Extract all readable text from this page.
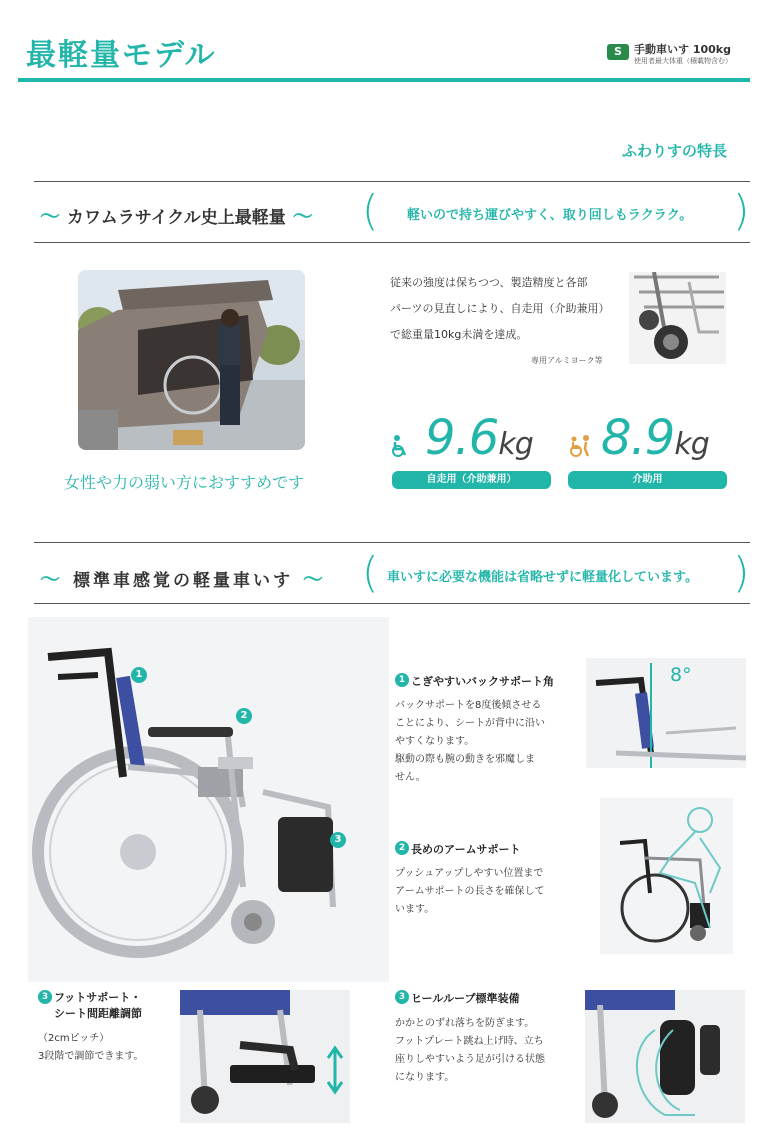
最軽量モデル	S	手動車いす 100kg
使用者最大体重（積載物含む）
ふわりすの特長
〜 カワムラサイクル史上最軽量 〜 ( 軽いので持ち運びやすく、取り回しもラクラク。 )
女性や力の弱い方におすすめです
従来の強度は保ちつつ、製造精度と各部
パーツの見直しにより、自走用（介助兼用）
で総重量10kg未満を達成。
専用アルミヨーク等
9.6kg
自走用（介助兼用）
8.9kg
介助用
〜 標準車感覚の軽量車いす 〜 ( 車いすに必要な機能は省略せずに軽量化しています。 )
1
2
3
1 こぎやすいバックサポート角
バックサポートを8度後傾させる
ことにより、シートが背中に沿い
やすくなります。
駆動の際も腕の動きを邪魔しま
せん。
8°
2 長めのアームサポート
プッシュアップしやすい位置まで
アームサポートの長さを確保して
います。
3 フットサポート・
シート間距離調節
（2cmピッチ）
3段階で調節できます。
3 ヒールループ標準装備
かかとのずれ落ちを防ぎます。
フットプレート跳ね上げ時、立ち
座りしやすいよう足が引ける状態
になります。
